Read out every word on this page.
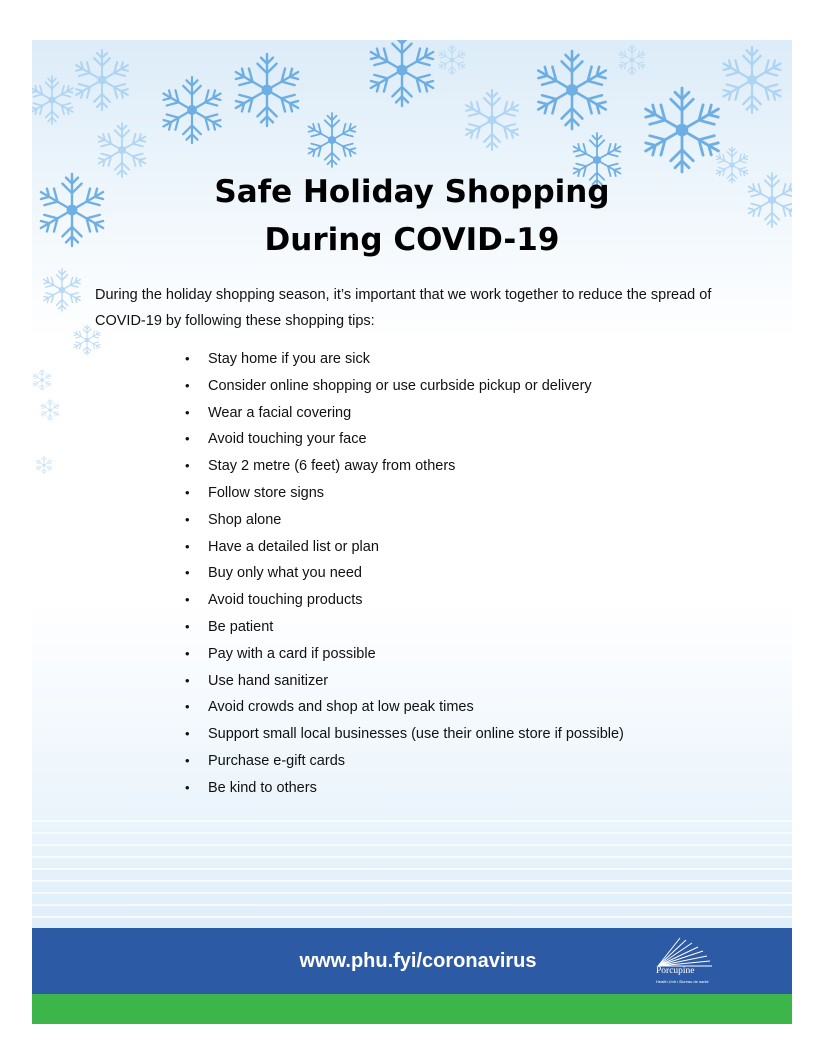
Safe Holiday Shopping
During COVID-19

During the holiday shopping season, it’s important that we work together to reduce the spread of COVID-19 by following these shopping tips:

• Stay home if you are sick
• Consider online shopping or use curbside pickup or delivery
• Wear a facial covering
• Avoid touching your face
• Stay 2 metre (6 feet) away from others
• Follow store signs
• Shop alone
• Have a detailed list or plan
• Buy only what you need
• Avoid touching products
• Be patient
• Pay with a card if possible
• Use hand sanitizer
• Avoid crowds and shop at low peak times
• Support small local businesses (use their online store if possible)
• Purchase e-gift cards
• Be kind to others
www.phu.fyi/coronavirus	Porcupine
Health Unit • Bureau de santé
